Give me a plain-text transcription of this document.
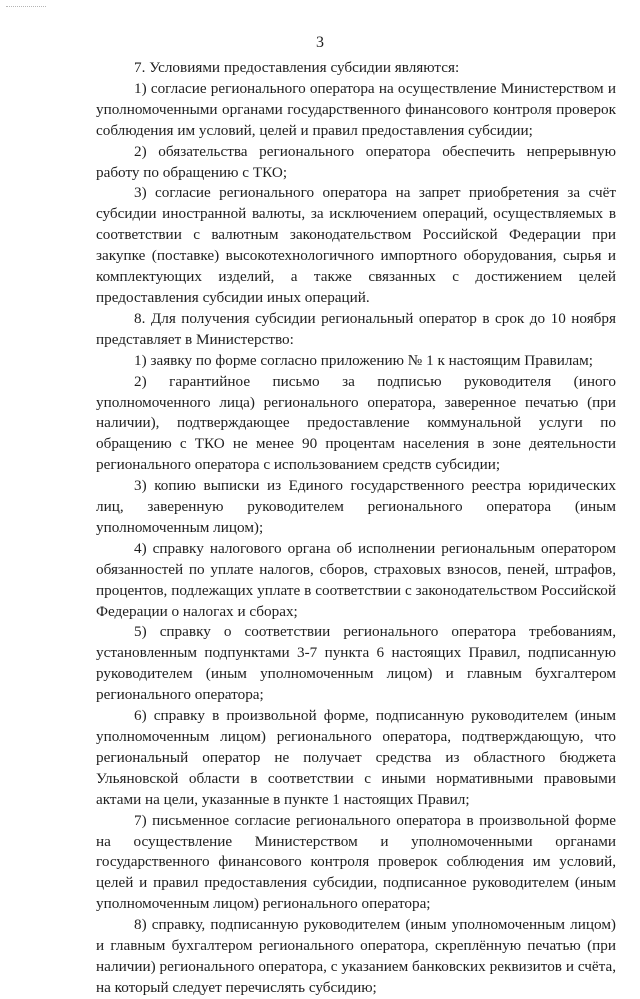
3

7. Условиями предоставления субсидии являются:

1) согласие регионального оператора на осуществление Министерством и уполномоченными органами государственного финансового контроля проверок соблюдения им условий, целей и правил предоставления субсидии;

2) обязательства регионального оператора обеспечить непрерывную работу по обращению с ТКО;

3) согласие регионального оператора на запрет приобретения за счёт субсидии иностранной валюты, за исключением операций, осуществляемых в соответствии с валютным законодательством Российской Федерации при закупке (поставке) высокотехнологичного импортного оборудования, сырья и комплектующих изделий, а также связанных с достижением целей предоставления субсидии иных операций.

8. Для получения субсидии региональный оператор в срок до 10 ноября представляет в Министерство:

1) заявку по форме согласно приложению № 1 к настоящим Правилам;

2) гарантийное письмо за подписью руководителя (иного уполномоченного лица) регионального оператора, заверенное печатью (при наличии), подтверждающее предоставление коммунальной услуги по обращению с ТКО не менее 90 процентам населения в зоне деятельности регионального оператора с использованием средств субсидии;

3) копию выписки из Единого государственного реестра юридических лиц, заверенную руководителем регионального оператора (иным уполномоченным лицом);

4) справку налогового органа об исполнении региональным оператором обязанностей по уплате налогов, сборов, страховых взносов, пеней, штрафов, процентов, подлежащих уплате в соответствии с законодательством Российской Федерации о налогах и сборах;

5) справку о соответствии регионального оператора требованиям, установленным подпунктами 3-7 пункта 6 настоящих Правил, подписанную руководителем (иным уполномоченным лицом) и главным бухгалтером регионального оператора;

6) справку в произвольной форме, подписанную руководителем (иным уполномоченным лицом) регионального оператора, подтверждающую, что региональный оператор не получает средства из областного бюджета Ульяновской области в соответствии с иными нормативными правовыми актами на цели, указанные в пункте 1 настоящих Правил;

7) письменное согласие регионального оператора в произвольной форме на осуществление Министерством и уполномоченными органами государственного финансового контроля проверок соблюдения им условий, целей и правил предоставления субсидии, подписанное руководителем (иным уполномоченным лицом) регионального оператора;

8) справку, подписанную руководителем (иным уполномоченным лицом) и главным бухгалтером регионального оператора, скреплённую печатью (при наличии) регионального оператора, с указанием банковских реквизитов и счёта, на который следует перечислять субсидию;
